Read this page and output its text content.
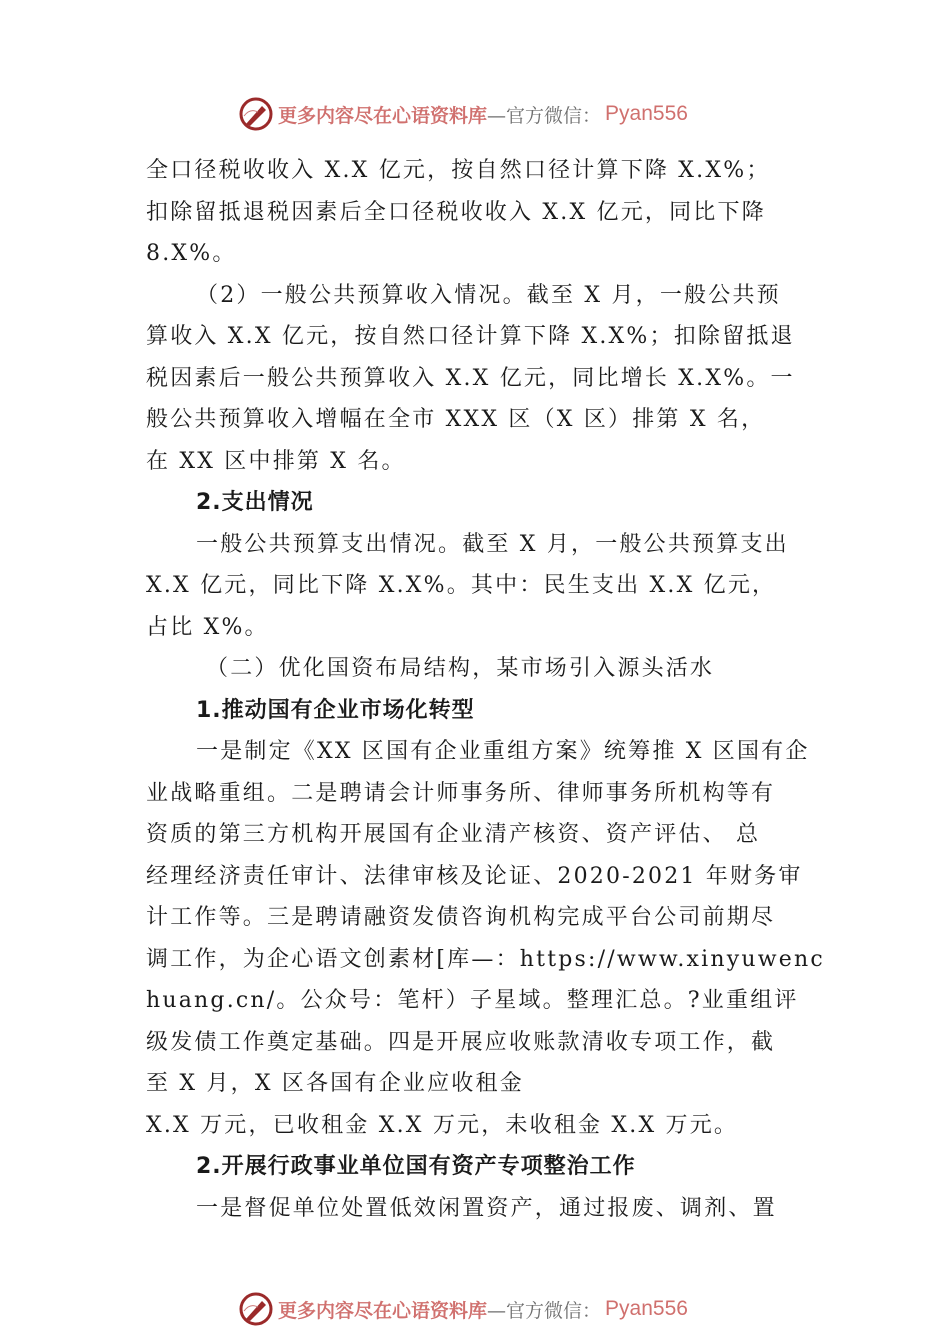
更多内容尽在心语资料库 —官方微信： Pyan556
全口径税收收入 X.X 亿元，按自然口径计算下降 X.X%；
扣除留抵退税因素后全口径税收收入 X.X 亿元，同比下降
8.X%。
（2）一般公共预算收入情况。截至 X 月，一般公共预
算收入 X.X 亿元，按自然口径计算下降 X.X%；扣除留抵退
税因素后一般公共预算收入 X.X 亿元，同比增长 X.X%。一
般公共预算收入增幅在全市 XXX 区（X 区）排第 X 名，
在 XX 区中排第 X 名。
2.支出情况
一般公共预算支出情况。截至 X 月，一般公共预算支出
X.X 亿元，同比下降 X.X%。其中：民生支出 X.X 亿元，
占比 X%。
（二）优化国资布局结构，某市场引入源头活水
1.推动国有企业市场化转型
一是制定《XX 区国有企业重组方案》统筹推 X 区国有企
业战略重组。二是聘请会计师事务所、律师事务所机构等有
资质的第三方机构开展国有企业清产核资、资产评估、 总
经理经济责任审计、法律审核及论证、2020-2021 年财务审
计工作等。三是聘请融资发债咨询机构完成平台公司前期尽
调工作，为企心语文创素材[库—：https://www.xinyuwenc
huang.cn/。公众号：笔杆）子星域。整理汇总。?业重组评
级发债工作奠定基础。四是开展应收账款清收专项工作，截
至 X 月，X 区各国有企业应收租金
X.X 万元，已收租金 X.X 万元，未收租金 X.X 万元。
2.开展行政事业单位国有资产专项整治工作
一是督促单位处置低效闲置资产，通过报废、调剂、置
更多内容尽在心语资料库 —官方微信： Pyan556
